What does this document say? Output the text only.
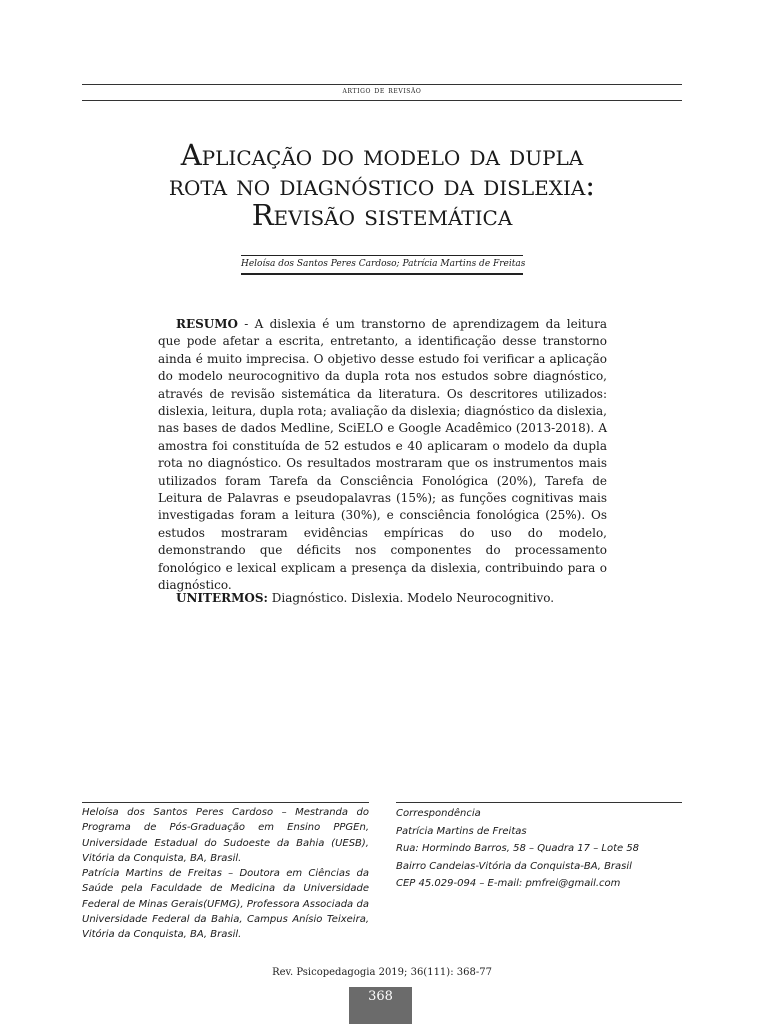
artigo de revisão
Aplicação do modelo da dupla
rota no diagnóstico da dislexia:
Revisão sistemática
Heloísa dos Santos Peres Cardoso; Patrícia Martins de Freitas

RESUMO - A dislexia é um transtorno de aprendizagem da leitura que pode afetar a escrita, entretanto, a identificação desse transtorno ainda é muito imprecisa. O objetivo desse estudo foi verificar a aplicação do modelo neurocognitivo da dupla rota nos estudos sobre diagnóstico, através de revisão sistemática da literatura. Os descritores utilizados: dislexia, leitura, dupla rota; avaliação da dislexia; diagnóstico da dislexia, nas bases de dados Medline, SciELO e Google Acadêmico (2013-2018). A amostra foi constituída de 52 estudos e 40 aplicaram o modelo da dupla rota no diagnóstico. Os resultados mostraram que os instrumentos mais utilizados foram Tarefa da Consciência Fonológica (20%), Tarefa de Leitura de Palavras e pseudopalavras (15%); as funções cognitivas mais investigadas foram a leitura (30%), e consciência fonológica (25%). Os estudos mostraram evidências empíricas do uso do modelo, demonstrando que déficits nos componentes do processamento fonológico e lexical explicam a presença da dislexia, contribuindo para o diagnóstico.

UNITERMOS: Diagnóstico. Dislexia. Modelo Neurocognitivo.

Heloísa dos Santos Peres Cardoso – Mestranda do Programa de Pós-Graduação em Ensino PPGEn, Universidade Estadual do Sudoeste da Bahia (UESB), Vitória da Conquista, BA, Brasil.

Patrícia Martins de Freitas – Doutora em Ciências da Saúde pela Faculdade de Medicina da Universidade Federal de Minas Gerais(UFMG), Professora Associada da Universidade Federal da Bahia, Campus Anísio Teixeira, Vitória da Conquista, BA, Brasil.

Correspondência
Patrícia Martins de Freitas
Rua: Hormindo Barros, 58 – Quadra 17 – Lote 58
Bairro Candeias-Vitória da Conquista-BA, Brasil
CEP 45.029-094 – E-mail: pmfrei@gmail.com
Rev. Psicopedagogia 2019; 36(111): 368-77
368
